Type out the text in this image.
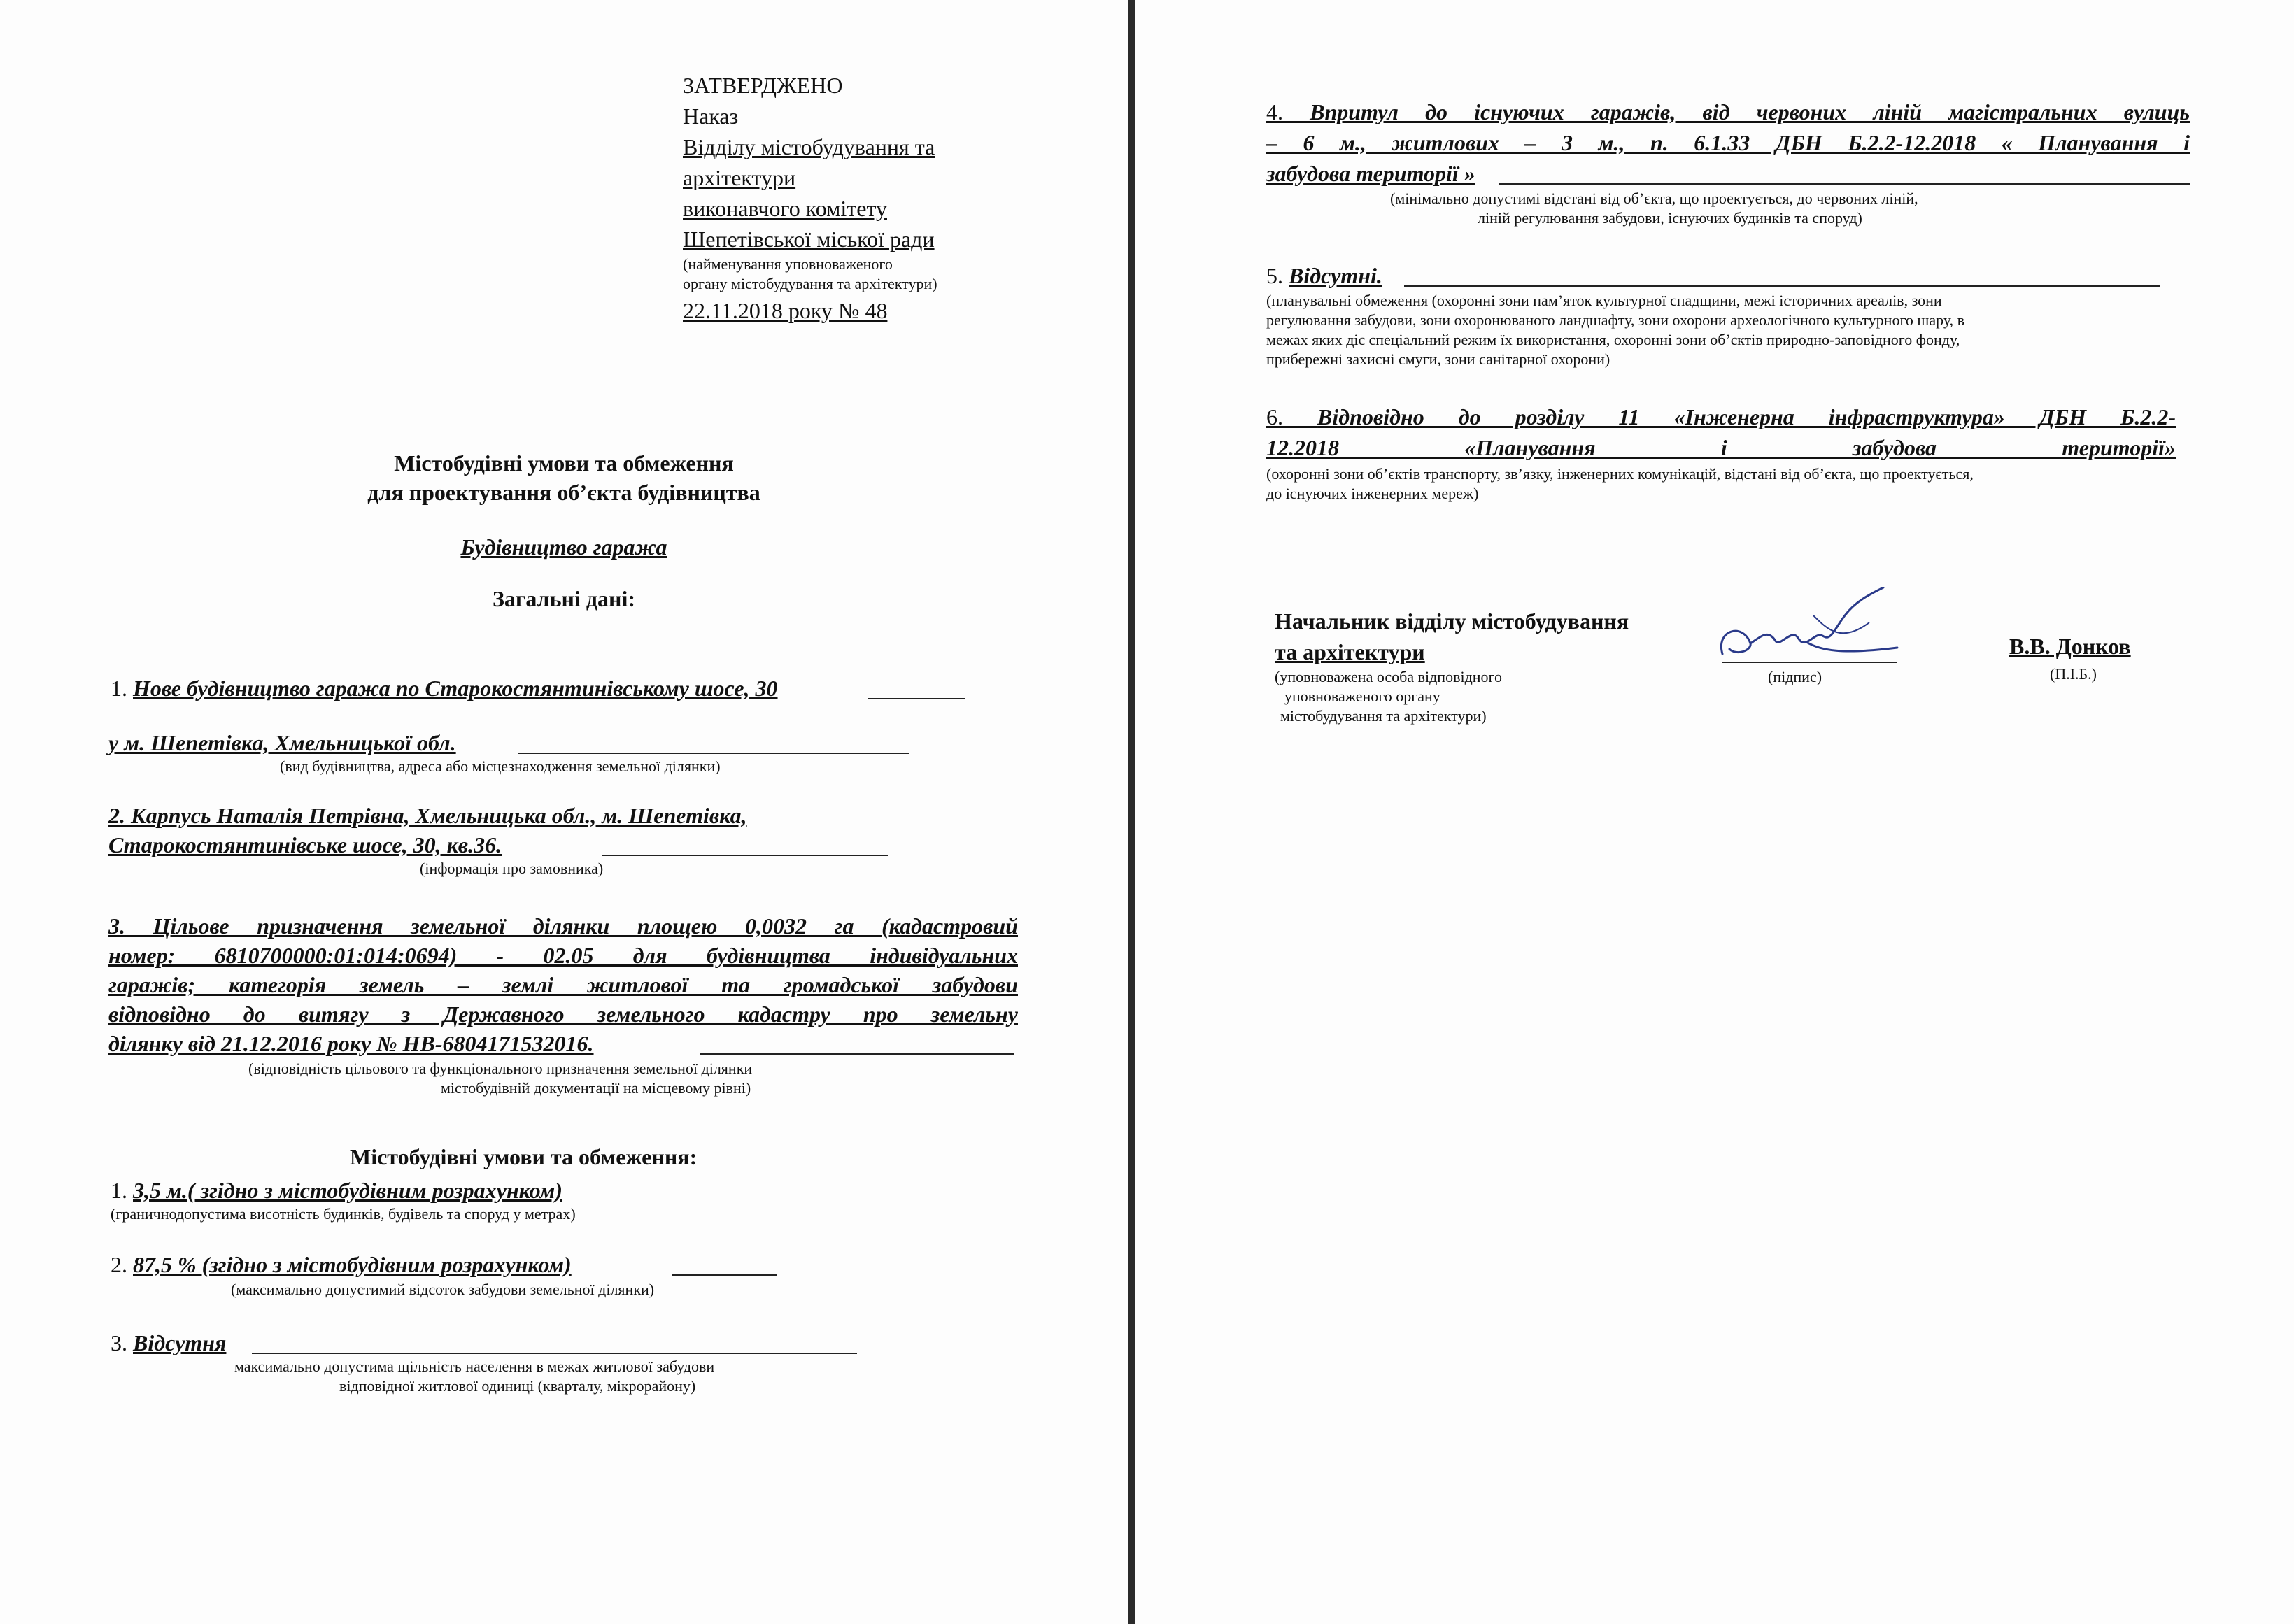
ЗАТВЕРДЖЕНО
Наказ
Відділу містобудування та
архітектури
виконавчого комітету
Шепетівської міської ради
(найменування уповноваженого
органу містобудування та архітектури)
22.11.2018 року № 48
Містобудівні умови та обмеження
для проектування об’єкта будівництва
Будівництво гаража
Загальні дані:
1. Нове будівництво гаража по Старокостянтинівському шосе, 30
у м. Шепетівка, Хмельницької обл.
(вид будівництва, адреса або місцезнаходження земельної ділянки)
2. Карпусь Наталія Петрівна, Хмельницька обл., м. Шепетівка,
Старокостянтинівське шосе, 30, кв.36.
(інформація про замовника)
3. Цільове призначення земельної ділянки площею 0,0032 га (кадастровий
номер: 6810700000:01:014:0694) - 02.05 для будівництва індивідуальних
гаражів; категорія земель – землі житлової та громадської забудови
відповідно до витягу з Державного земельного кадастру про земельну
ділянку від 21.12.2016 року № НВ-6804171532016.
(відповідність цільового та функціонального призначення земельної ділянки
містобудівній документації на місцевому рівні)
Містобудівні умови та обмеження:
1. 3,5 м.( згідно з містобудівним розрахунком)
(граничнодопустима висотність будинків, будівель та споруд у метрах)
2. 87,5 % (згідно з містобудівним розрахунком)
(максимально допустимий відсоток забудови земельної ділянки)
3. Відсутня
максимально допустима щільність населення в межах житлової забудови
відповідної житлової одиниці (кварталу, мікрорайону)
4. Впритул до існуючих гаражів, від червоних ліній магістральних вулиць
– 6 м., житлових – 3 м., п. 6.1.33 ДБН Б.2.2-12.2018 « Планування і
забудова території »
(мінімально допустимі відстані від об’єкта, що проектується, до червоних ліній,
ліній регулювання забудови, існуючих будинків та споруд)
5. Відсутні.
(планувальні обмеження (охоронні зони пам’яток культурної спадщини, межі історичних ареалів, зони
регулювання забудови, зони охоронюваного ландшафту, зони охорони археологічного культурного шару, в
межах яких діє спеціальний режим їх використання, охоронні зони об’єктів природно-заповідного фонду,
прибережні захисні смуги, зони санітарної охорони)
6. Відповідно до розділу 11 «Інженерна інфраструктура» ДБН Б.2.2-
12.2018 «Планування і забудова території»
(охоронні зони об’єктів транспорту, зв’язку, інженерних комунікацій, відстані від об’єкта, що проектується,
до існуючих інженерних мереж)
Начальник відділу містобудування
та архітектури
(уповноважена особа відповідного
уповноваженого органу
містобудування та архітектури)
(підпис)
В.В. Донков
(П.І.Б.)
